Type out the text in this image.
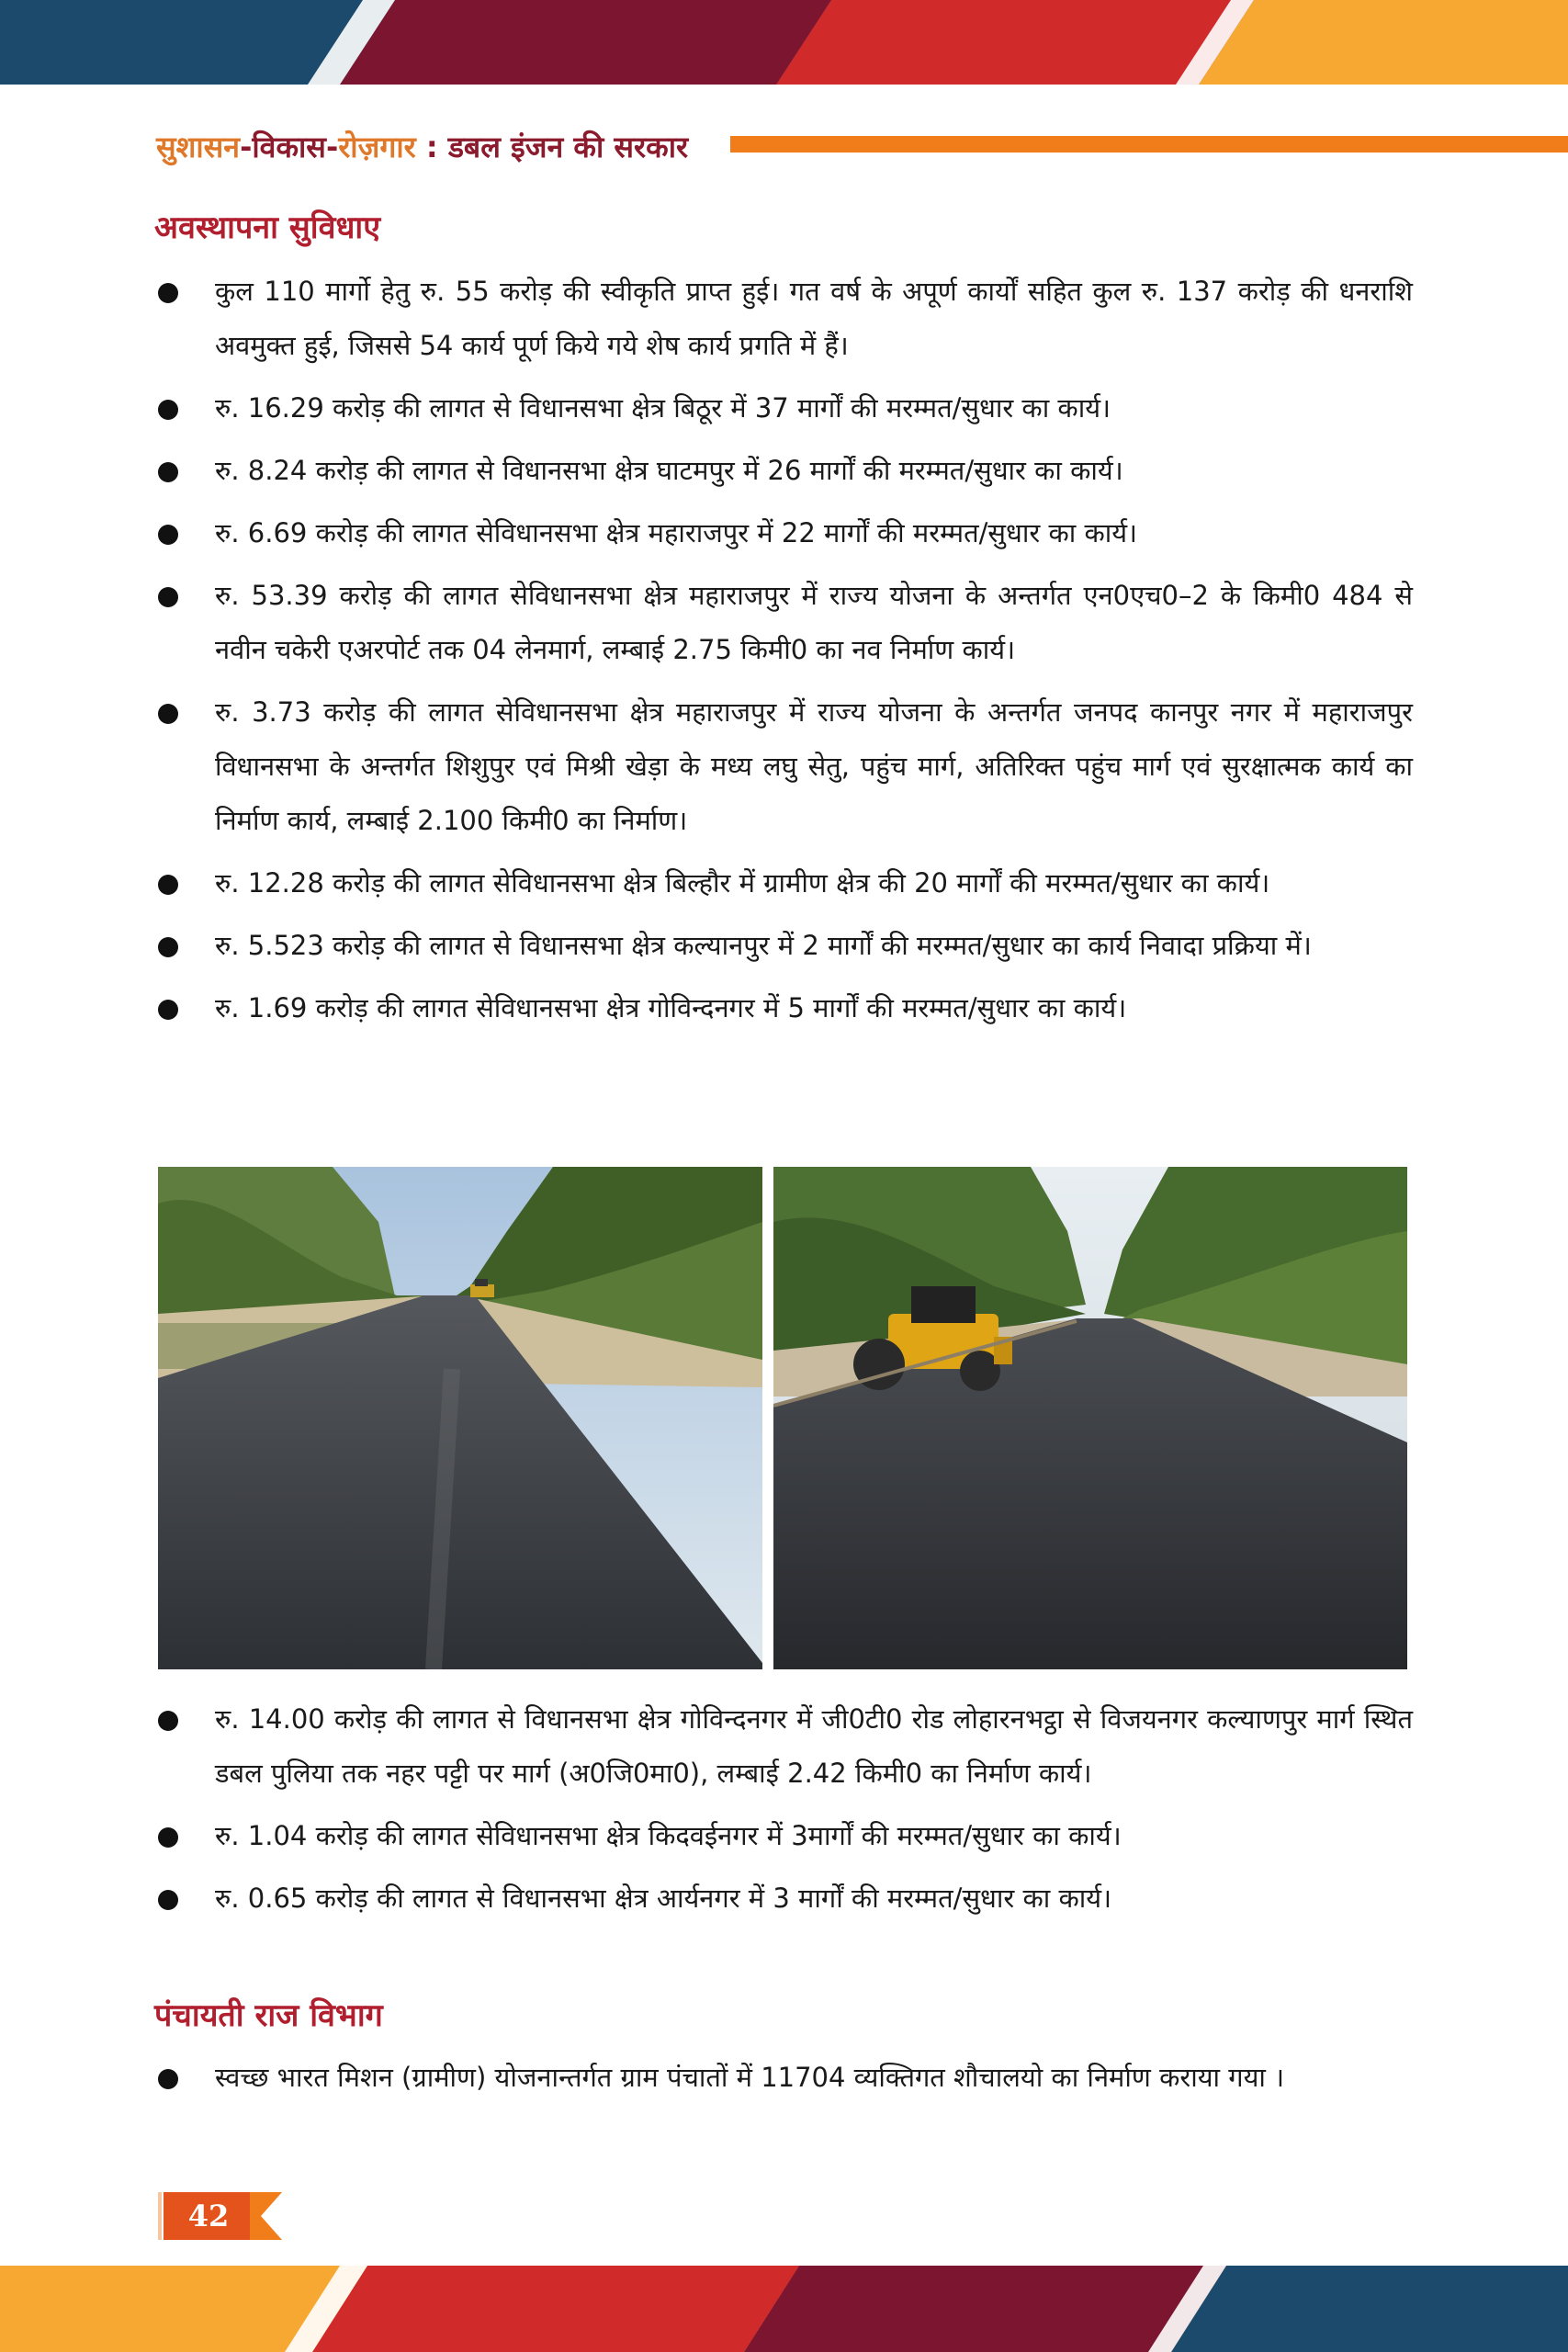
सुशासन-विकास-रोज़गार : डबल इंजन की सरकार
अवस्थापना सुविधाए
कुल 110 मार्गो हेतु रु. 55 करोड़ की स्वीकृति प्राप्त हुई। गत वर्ष के अपूर्ण कार्यों सहित कुल रु. 137 करोड़ की धनराशि अवमुक्त हुई, जिससे 54 कार्य पूर्ण किये गये शेष कार्य प्रगति में हैं।
रु. 16.29 करोड़ की लागत से विधानसभा क्षेत्र बिठूर में 37 मार्गों की मरम्मत/सुधार का कार्य।
रु. 8.24 करोड़ की लागत से विधानसभा क्षेत्र घाटमपुर में 26 मार्गों की मरम्मत/सुधार का कार्य।
रु. 6.69 करोड़ की लागत सेविधानसभा क्षेत्र महाराजपुर में 22 मार्गों की मरम्मत/सुधार का कार्य।
रु. 53.39 करोड़ की लागत सेविधानसभा क्षेत्र महाराजपुर में राज्य योजना के अन्तर्गत एन0एच0–2 के किमी0 484 से नवीन चकेरी एअरपोर्ट तक 04 लेनमार्ग, लम्बाई 2.75 किमी0 का नव निर्माण कार्य।
रु. 3.73 करोड़ की लागत सेविधानसभा क्षेत्र महाराजपुर में राज्य योजना के अन्तर्गत जनपद कानपुर नगर में महाराजपुर विधानसभा के अन्तर्गत शिशुपुर एवं मिश्री खेड़ा के मध्य लघु सेतु, पहुंच मार्ग, अतिरिक्त पहुंच मार्ग एवं सुरक्षात्मक कार्य का निर्माण कार्य, लम्बाई 2.100 किमी0 का निर्माण।
रु. 12.28 करोड़ की लागत सेविधानसभा क्षेत्र बिल्हौर में ग्रामीण क्षेत्र की 20 मार्गों की मरम्मत/सुधार का कार्य।
रु. 5.523 करोड़ की लागत से विधानसभा क्षेत्र कल्यानपुर में 2 मार्गों की मरम्मत/सुधार का कार्य निवादा प्रक्रिया में।
रु. 1.69 करोड़ की लागत सेविधानसभा क्षेत्र गोविन्दनगर में 5 मार्गों की मरम्मत/सुधार का कार्य।
रु. 14.00 करोड़ की लागत से विधानसभा क्षेत्र गोविन्दनगर में जी0टी0 रोड लोहारनभट्ठा से विजयनगर कल्याणपुर मार्ग स्थित डबल पुलिया तक नहर पट्टी पर मार्ग (अ0जि0मा0), लम्बाई 2.42 किमी0 का निर्माण कार्य।
रु. 1.04 करोड़ की लागत सेविधानसभा क्षेत्र किदवईनगर में 3मार्गों की मरम्मत/सुधार का कार्य।
रु. 0.65 करोड़ की लागत से विधानसभा क्षेत्र आर्यनगर में 3 मार्गों की मरम्मत/सुधार का कार्य।
पंचायती राज विभाग
स्वच्छ भारत मिशन (ग्रामीण) योजनान्तर्गत ग्राम पंचातों में 11704 व्यक्तिगत शौचालयो का निर्माण कराया गया ।
42
